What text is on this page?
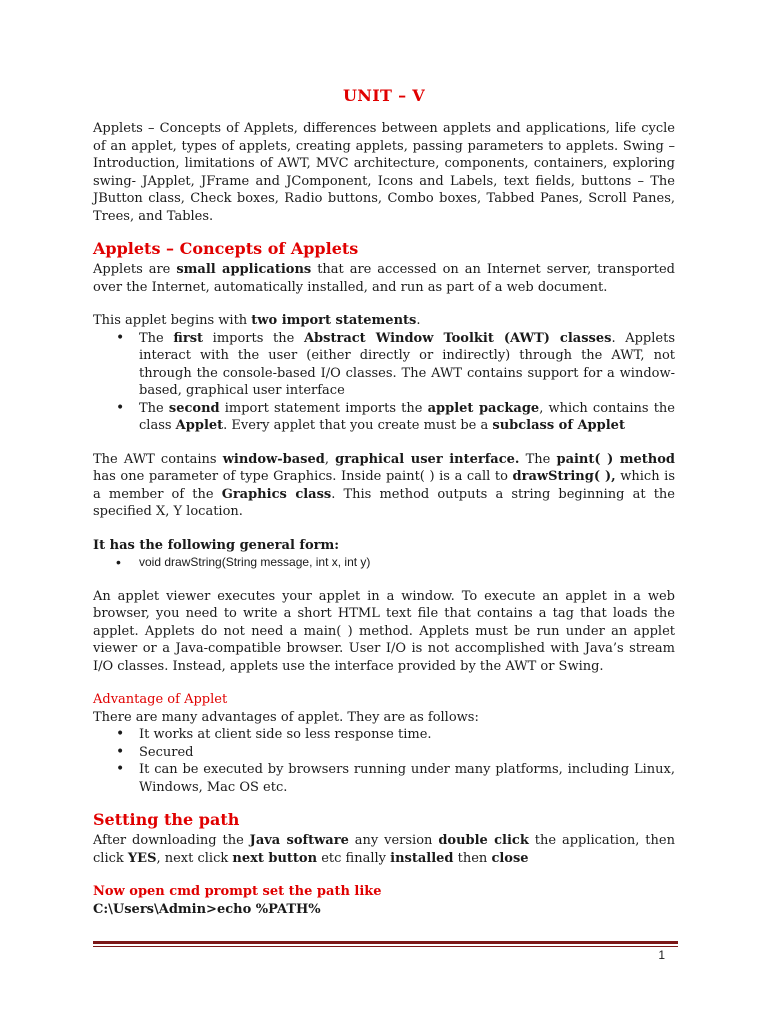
UNIT – V

Applets – Concepts of Applets, differences between applets and applications, life cycle of an applet, types of applets, creating applets, passing parameters to applets. Swing – Introduction, limitations of AWT, MVC architecture, components, containers, exploring swing- JApplet, JFrame and JComponent, Icons and Labels, text fields, buttons – The JButton class, Check boxes, Radio buttons, Combo boxes, Tabbed Panes, Scroll Panes, Trees, and Tables.

Applets – Concepts of Applets

Applets are small applications that are accessed on an Internet server, transported over the Internet, automatically installed, and run as part of a web document.

This applet begins with two import statements.

• The first imports the Abstract Window Toolkit (AWT) classes. Applets interact with the user (either directly or indirectly) through the AWT, not through the console-based I/O classes. The AWT contains support for a window-based, graphical user interface
• The second import statement imports the applet package, which contains the class Applet. Every applet that you create must be a subclass of Applet

The AWT contains window-based, graphical user interface. The paint( ) method has one parameter of type Graphics. Inside paint( ) is a call to drawString( ), which is a member of the Graphics class. This method outputs a string beginning at the specified X, Y location.

It has the following general form:
• void drawString(String message, int x, int y)

An applet viewer executes your applet in a window. To execute an applet in a web browser, you need to write a short HTML text file that contains a tag that loads the applet. Applets do not need a main( ) method. Applets must be run under an applet viewer or a Java-compatible browser. User I/O is not accomplished with Java’s stream I/O classes. Instead, applets use the interface provided by the AWT or Swing.

Advantage of Applet

There are many advantages of applet. They are as follows:

• It works at client side so less response time.
• Secured
• It can be executed by browsers running under many platforms, including Linux, Windows, Mac OS etc.
Setting the path

After downloading the Java software any version double click the application, then click YES, next click next button etc finally installed then close

Now open cmd prompt set the path like

C:\Users\Admin>echo %PATH%

1
